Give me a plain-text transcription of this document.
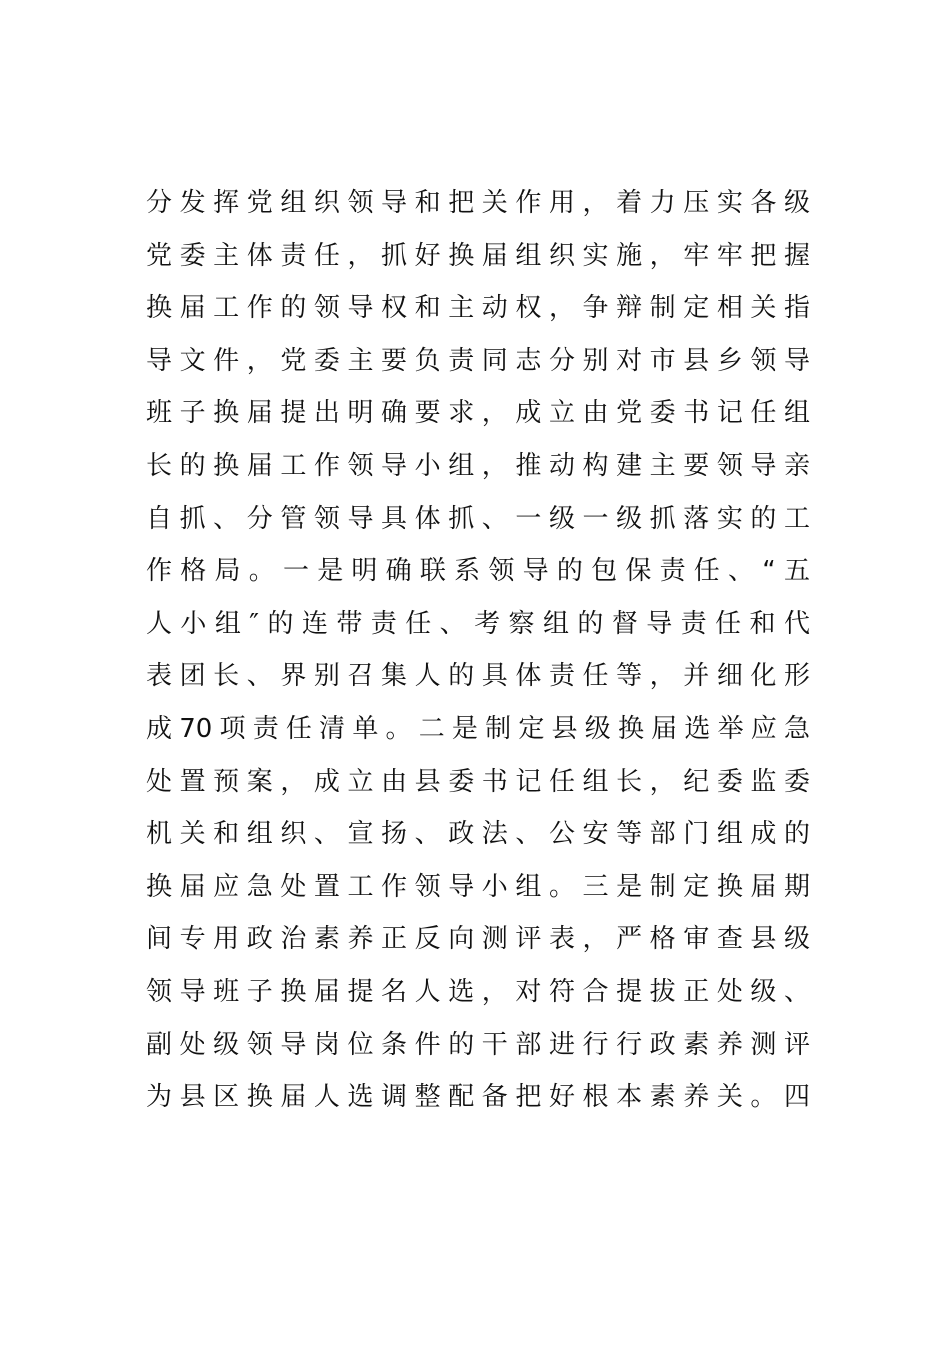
分发挥党组织领导和把关作用，着力压实各级
党委主体责任，抓好换届组织实施，牢牢把握
换届工作的领导权和主动权，争辩制定相关指
导文件，党委主要负责同志分别对市县乡领导
班子换届提出明确要求，成立由党委书记任组
长的换届工作领导小组，推动构建主要领导亲
自抓、分管领导具体抓、一级一级抓落实的工
作格局。一是明确联系领导的包保责任、“五
人小组″的连带责任、考察组的督导责任和代
表团长、界别召集人的具体责任等，并细化形
成70项责任清单。二是制定县级换届选举应急
处置预案，成立由县委书记任组长，纪委监委
机关和组织、宣扬、政法、公安等部门组成的
换届应急处置工作领导小组。三是制定换届期
间专用政治素养正反向测评表，严格审查县级
领导班子换届提名人选，对符合提拔正处级、
副处级领导岗位条件的干部进行行政素养测评
为县区换届人选调整配备把好根本素养关。四
